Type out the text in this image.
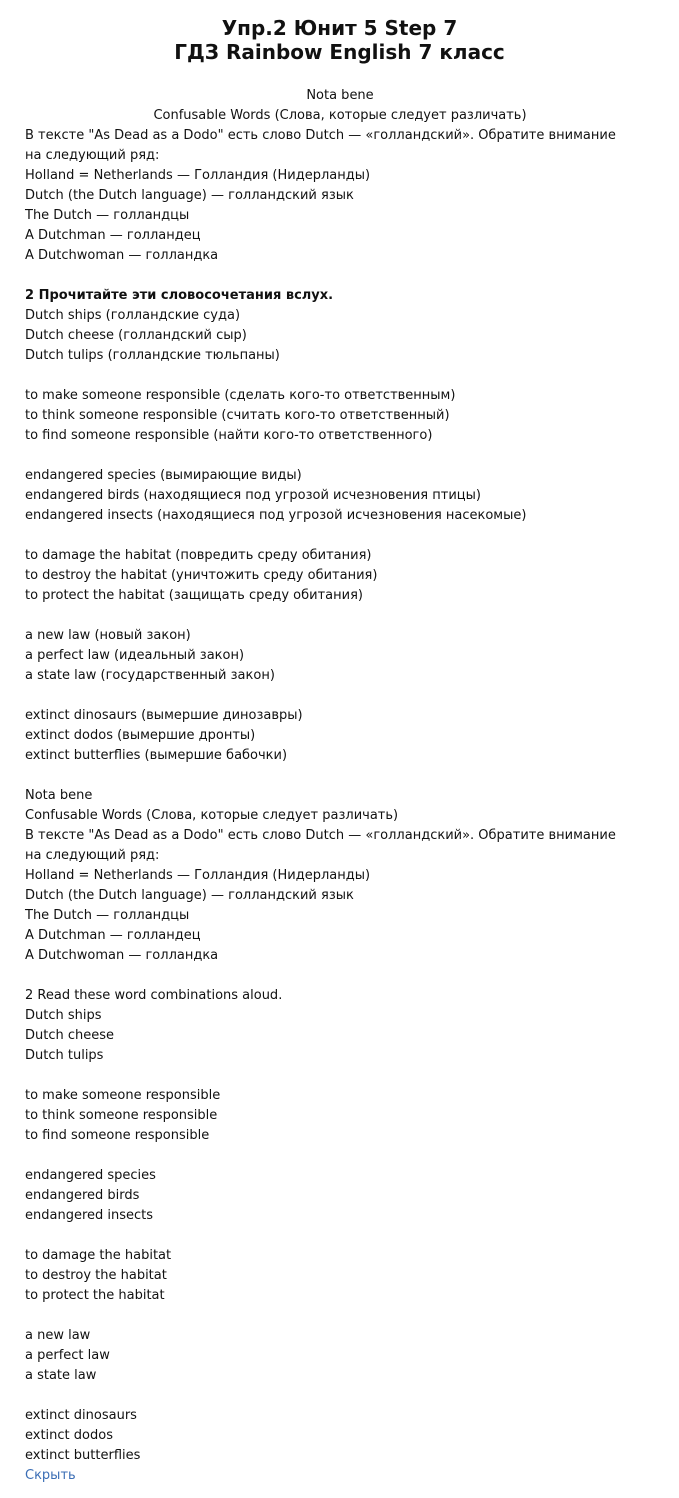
Упр.2 Юнит 5 Step 7
ГДЗ Rainbow English 7 класс
Nota bene
Confusable Words (Слова, которые следует различать)
В тексте "As Dead as a Dodo" есть слово Dutch — «голландский». Обратите внимание
на следующий ряд:
Holland = Netherlands — Голландия (Нидерланды)
Dutch (the Dutch language) — голландский язык
The Dutch — голландцы
A Dutchman — голландец
A Dutchwoman — голландка
2 Прочитайте эти словосочетания вслух.
Dutch ships (голландские суда)
Dutch cheese (голландский сыр)
Dutch tulips (голландские тюльпаны)
to make someone responsible (сделать кого-то ответственным)
to think someone responsible (считать кого-то ответственный)
to find someone responsible (найти кого-то ответственного)
endangered species (вымирающие виды)
endangered birds (находящиеся под угрозой исчезновения птицы)
endangered insects (находящиеся под угрозой исчезновения насекомые)
to damage the habitat (повредить среду обитания)
to destroy the habitat (уничтожить среду обитания)
to protect the habitat (защищать среду обитания)
a new law (новый закон)
a perfect law (идеальный закон)
a state law (государственный закон)
extinct dinosaurs (вымершие динозавры)
extinct dodos (вымершие дронты)
extinct butterflies (вымершие бабочки)
Nota bene
Confusable Words (Слова, которые следует различать)
В тексте "As Dead as a Dodo" есть слово Dutch — «голландский». Обратите внимание
на следующий ряд:
Holland = Netherlands — Голландия (Нидерланды)
Dutch (the Dutch language) — голландский язык
The Dutch — голландцы
A Dutchman — голландец
A Dutchwoman — голландка
2 Read these word combinations aloud.
Dutch ships
Dutch cheese
Dutch tulips
to make someone responsible
to think someone responsible
to find someone responsible
endangered species
endangered birds
endangered insects
to damage the habitat
to destroy the habitat
to protect the habitat
a new law
a perfect law
a state law
extinct dinosaurs
extinct dodos
extinct butterflies
Скрыть
